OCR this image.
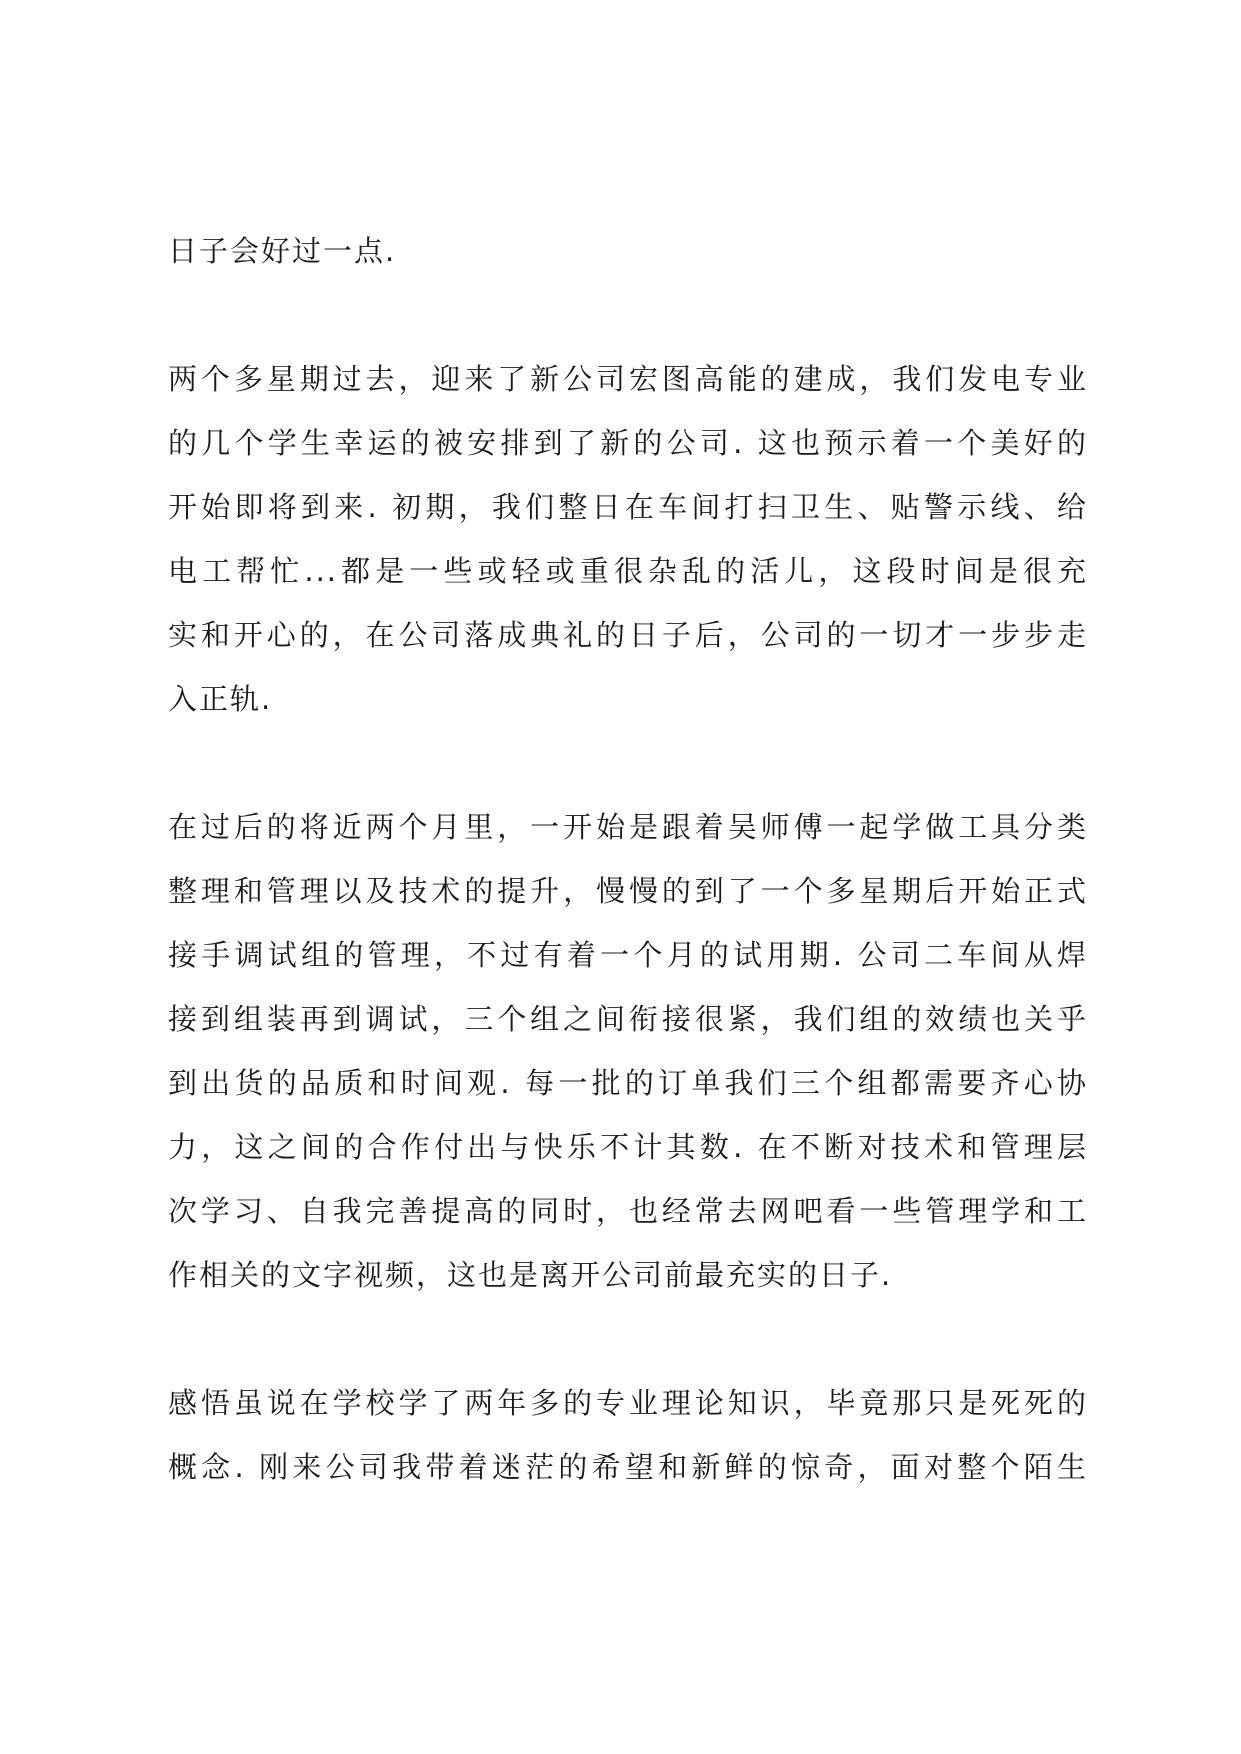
日子会好过一点.
两个多星期过去，迎来了新公司宏图高能的建成，我们发电专业
的几个学生幸运的被安排到了新的公司. 这也预示着一个美好的
开始即将到来. 初期，我们整日在车间打扫卫生、贴警示线、给
电工帮忙...都是一些或轻或重很杂乱的活儿，这段时间是很充
实和开心的，在公司落成典礼的日子后，公司的一切才一步步走
入正轨.
在过后的将近两个月里，一开始是跟着吴师傅一起学做工具分类
整理和管理以及技术的提升，慢慢的到了一个多星期后开始正式
接手调试组的管理，不过有着一个月的试用期. 公司二车间从焊
接到组装再到调试，三个组之间衔接很紧，我们组的效绩也关乎
到出货的品质和时间观. 每一批的订单我们三个组都需要齐心协
力，这之间的合作付出与快乐不计其数. 在不断对技术和管理层
次学习、自我完善提高的同时，也经常去网吧看一些管理学和工
作相关的文字视频，这也是离开公司前最充实的日子.
感悟虽说在学校学了两年多的专业理论知识，毕竟那只是死死的
概念. 刚来公司我带着迷茫的希望和新鲜的惊奇，面对整个陌生
